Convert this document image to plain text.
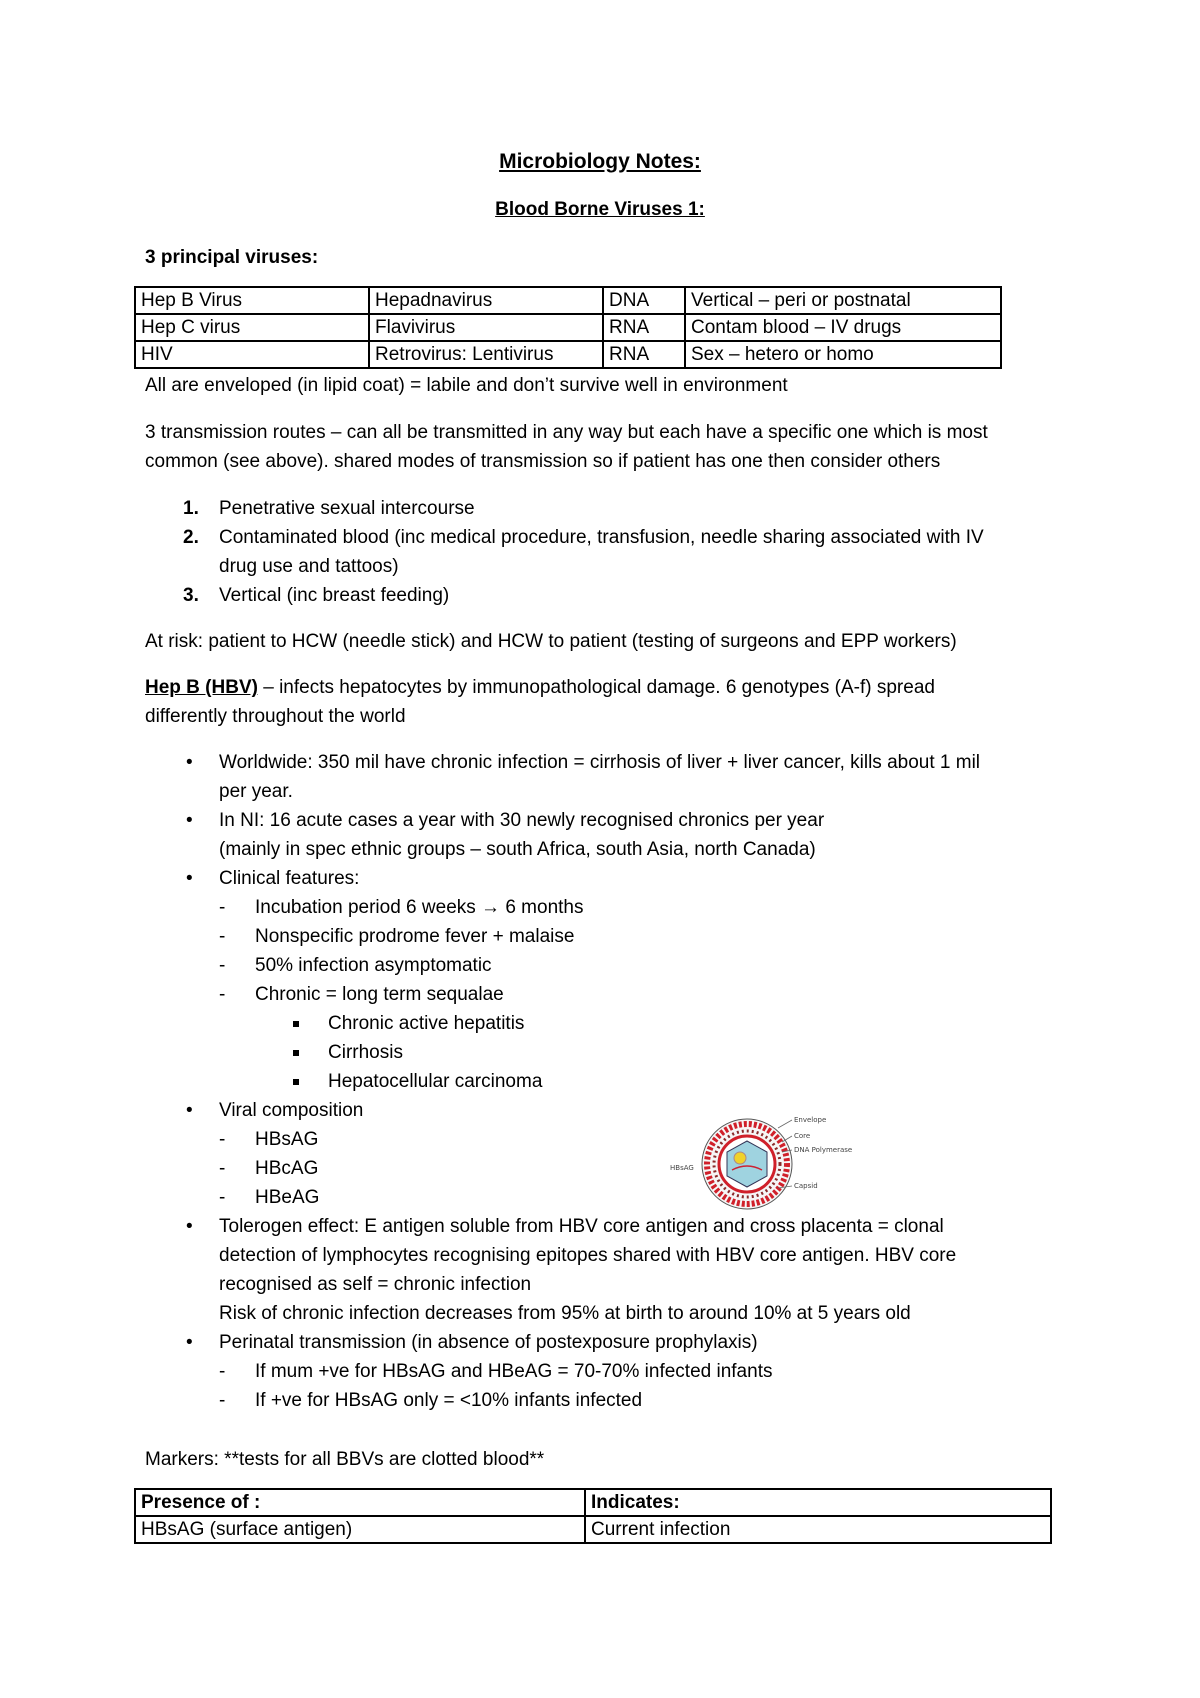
Microbiology Notes:
Blood Borne Viruses 1:
3 principal viruses:
Hep B Virus	Hepadnavirus	DNA	Vertical – peri or postnatal
Hep C virus	Flavivirus	RNA	Contam blood – IV drugs
HIV	Retrovirus: Lentivirus	RNA	Sex – hetero or homo
All are enveloped (in lipid coat) = labile and don’t survive well in environment
3 transmission routes – can all be transmitted in any way but each have a specific one which is most
common (see above). shared modes of transmission so if patient has one then consider others
1. Penetrative sexual intercourse
2. Contaminated blood (inc medical procedure, transfusion, needle sharing associated with IV
drug use and tattoos)
3. Vertical (inc breast feeding)
At risk: patient to HCW (needle stick) and HCW to patient (testing of surgeons and EPP workers)
Hep B (HBV) – infects hepatocytes by immunopathological damage. 6 genotypes (A-f) spread
differently throughout the world
• Worldwide: 350 mil have chronic infection = cirrhosis of liver + liver cancer, kills about 1 mil
per year.
• In NI: 16 acute cases a year with 30 newly recognised chronics per year
(mainly in spec ethnic groups – south Africa, south Asia, north Canada)
• Clinical features:
- Incubation period 6 weeks → 6 months
- Nonspecific prodrome fever + malaise
- 50% infection asymptomatic
- Chronic = long term sequalae
Chronic active hepatitis
Cirrhosis
Hepatocellular carcinoma
• Viral composition
- HBsAG
- HBcAG
- HBeAG
Envelope
Core
DNA Polymerase
Capsid
HBsAG
• Tolerogen effect: E antigen soluble from HBV core antigen and cross placenta = clonal
detection of lymphocytes recognising epitopes shared with HBV core antigen. HBV core
recognised as self = chronic infection
Risk of chronic infection decreases from 95% at birth to around 10% at 5 years old
• Perinatal transmission (in absence of postexposure prophylaxis)
- If mum +ve for HBsAG and HBeAG = 70-70% infected infants
- If +ve for HBsAG only = <10% infants infected
Markers: **tests for all BBVs are clotted blood**
Presence of :	Indicates:
HBsAG (surface antigen)	Current infection
